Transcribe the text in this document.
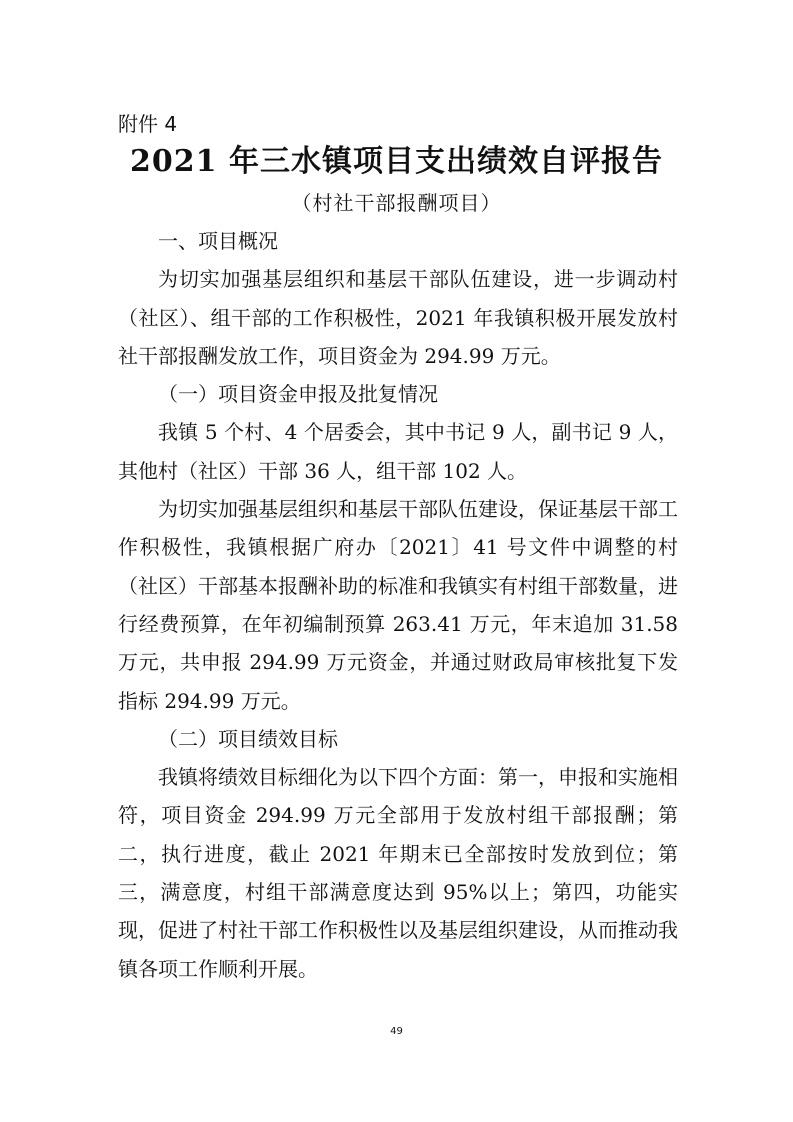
附件 4
2021 年三水镇项目支出绩效自评报告
（村社干部报酬项目）

一、项目概况

为切实加强基层组织和基层干部队伍建设，进一步调动村（社区）、组干部的工作积极性，2021 年我镇积极开展发放村社干部报酬发放工作，项目资金为 294.99 万元。

（一）项目资金申报及批复情况

我镇 5 个村、4 个居委会，其中书记 9 人，副书记 9 人，其他村（社区）干部 36 人，组干部 102 人。

为切实加强基层组织和基层干部队伍建设，保证基层干部工作积极性，我镇根据广府办〔2021〕41 号文件中调整的村（社区）干部基本报酬补助的标准和我镇实有村组干部数量，进行经费预算，在年初编制预算 263.41 万元，年末追加 31.58 万元，共申报 294.99 万元资金，并通过财政局审核批复下发指标 294.99 万元。

（二）项目绩效目标

我镇将绩效目标细化为以下四个方面：第一，申报和实施相符，项目资金 294.99 万元全部用于发放村组干部报酬；第二，执行进度，截止 2021 年期末已全部按时发放到位；第三，满意度，村组干部满意度达到 95%以上；第四，功能实现，促进了村社干部工作积极性以及基层组织建设，从而推动我镇各项工作顺利开展。

49
